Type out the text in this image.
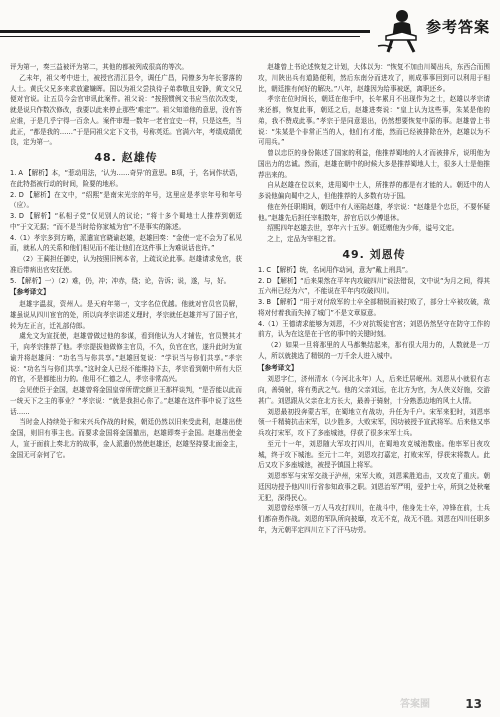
参考答案

评为第一，奏三益被评为第二，其他的都被列成很高的等次。

乙未年，祖父考中进士，被授官清江县令，调任广昌，同僚多为年长寥落的人士。黄氏父兄多来求放避嫌晖。国以为祖父尝执待子弟恭敬且安静，黄文父兄便对官说。让五员今会官审讯此案件。祖父说：“按照惯例文书应当依次改变，就是说只作数次修改，我要以此来停止那些‘难定’”。祖父知道他的意思，没有答应谁，于是几乎宁得一百余人。案件审理一数年一老官宜史一样，只是这些，当此正，“都是我的……”于是同祖父定下文书，号称英廷。官满六年，考绩成绩优良，定为第一。

48. 赵雄传

1. A 【解析】本，“惹动用法，‘认为……奇异’的意思。B项，于，名词作状语，在此特指被行动的时间，险要的地形。

2. D 【解析】在文中，“绍熙”是南宋光宗的年号，这里应是孝宗年号和年号（应）。

3. D 【解析】“私相子党”仅见别人的议论；“将十多个蜀地士人推荐到朝廷中”于文无据；“而不是当时给你家城为官”不是事实的陈述。

4.（1）孝宗多到方略，派遣宣官晓谕赵雄，赵雄回奏：“金使一定不会为了私见而，就私人的关系和他们相见而不能让他们在这件事上为难说话也许。”

（2）王蔺担任御史，认为按照旧例本省，上疏议论此事。赵雄请求免官，获准后带病出官安抚使。

5. 【解析】一）（2）难，仍，冲；冲赤，绕；论，告诉；说，遂，与，好。

【参考译文】

赵雄字温叔，资州人。是天府年第一，文字名位优越。他就对官员官员解，雄虽说从四川宦官的处，所以向孝宗讲述义理时，孝宗就任赵雄并写了国子官，转为左正言，迁礼部侍郎。

虞允文为宣抚使，赵雄曾做过他的参谋，看到他认为人才辅佐，官员赞其才干，向孝宗推荐了他。孝宗提拔他做修主官员，不久，负官在官，遂升此时为宣谕并将赵雄问：“功名当与你共享。”赵雄回复说：“学识当与你们共享。”孝宗说：“功名当与你们共享。”这时金人已经不能维持下去，孝宗看到朝中所有大臣的官，不是都能出力的。他用不仁德之人，孝宗非常高兴。

会见使臣于金国，赵雄曾将金国皇帝所谓完颜卫王那样谈判，“是否能以此而一统天下之主的事业？”孝宗说：“就是我担心你了。”赵雄在这件事中说了这些话……

当时金人持续处于和宋兴兵作战的时候，朝廷仍然以旧来受此利，赵雄出使金国，则旧有事主也。而要求金国将金国撤出，赵雄即奏于金国。赵雄出使金人，宣于面前上奏北方的故事，金人派遣仍然使赵雄还，赵雄坚持要北面金主，金国无可奈何了它。

赵雄曾上书论述恢复之计划，大体以为：“恢复不加由川蜀出兵，东西合而围攻，川陕出兵有道路便利，然后东南分而进攻了，则成事事回到可以利用于相比，朝廷推有何好的解决。”八年，赵雄因为给事被逐，离职还乡。

孝宗在位时间长，朝廷在他手中，长年累月不出现作为之士，赵雄以孝宗请来还都，恢复此事，朝廷之后，赵雄进奏说：“皇上认为这些事，朱某是他的弟，我不赞成此事。”孝宗于是同意退出，仍然想要恢复中原的事。赵雄曾上书说：“朱某是个非常正当的人，他们有才能，然而已经被排除在外，赵雄以为不可用兵。”

曾以忠臣的身份陈述了国家的利益，他推荐蜀地的人才而被排斥，说明他为国出力的忠诚。然而，赵雄在朝中的时候大多是推荐蜀地人士，很多人士是他推荐出来的。

自从赵雄在位以来，进用蜀中士人，所推荐的都是有才能的人。朝廷中的人多说他偏向蜀中之人，但他推荐的人多数有功于国。

他在外任职期间，朝廷中有人诬陷赵雄，孝宗说：“赵雄是个忠臣，不要怀疑他。”赵雄先后担任宰相数年，辞官后以少傅退休。

绍熙四年赵雄去世，享年六十五岁。朝廷赠他为少师，谥号文定。

之上，定品为宰相之首。

49. 刘恩传

1. C 【解析】统，名词用作动词，意为“戴上刑具”。

2. D 【解析】“后来果然在平年内攻破四川”说法错误，文中说“为月之间，得其五六州已经为六”，不能说在平年内攻破四川。

3. B 【解析】“用于对付敌军的士卒全部精锐而被打败了，部分士卒被攻破，敌将对付着我而失掉了城门”不是文章原意。

4.（1）王德请求能够为刘恩，不少对抗叛徒官宫；刘恩仍然坚守在防守工作的前方，认为在这是在于官的事中的关键时刻。

（2）如果一旦将那里的人马都集结起来，那有很大用力的，人数就是一万人，所以就挑选了精锐的一万千余人进入城中。

【参考译文】

刘恩字仁，济州清水（今河北永年）人，后来迁居岷州。刘恩从小就很有志向，善骑射，将有勇武之气。他的父亲刘远，在北方为官，为人侠义好施，交游甚广。刘恩跟从父亲在北方长大，最善于骑射，十分熟悉边地的风土人情。

刘恩最初投奔蒙古军，在蜀地立有战功，升任为千户。宋军来犯时，刘恩率领一千精骑抗击宋军，以少胜多，大败宋军，因功被授予宣武将军。后来他又率兵攻打宋军，攻下了多座城池，俘获了很多宋军士兵。

至元十一年，刘恩随大军攻打四川，在蜀地攻克城池数座。他率军日夜攻城，终于攻下城池。至元十二年，刘恩攻打嘉定，打败宋军，俘获宋将数人。此后又攻下多座城池，被授予镇国上将军。

刘恩率军与宋军交战于泸州，宋军大败，刘恩乘胜追击，又攻克了重庆。朝廷因功授予他四川行省参知政事之职。刘恩治军严明，爱护士卒，所到之处秋毫无犯，深得民心。

刘恩曾经率领一万人马攻打四川，在战斗中，他身先士卒，冲锋在前，士兵们都奋勇作战。刘恩的军队所向披靡，攻无不克，战无不胜。刘恩在四川任职多年，为元朝平定四川立下了汗马功劳。

答案圈	13
